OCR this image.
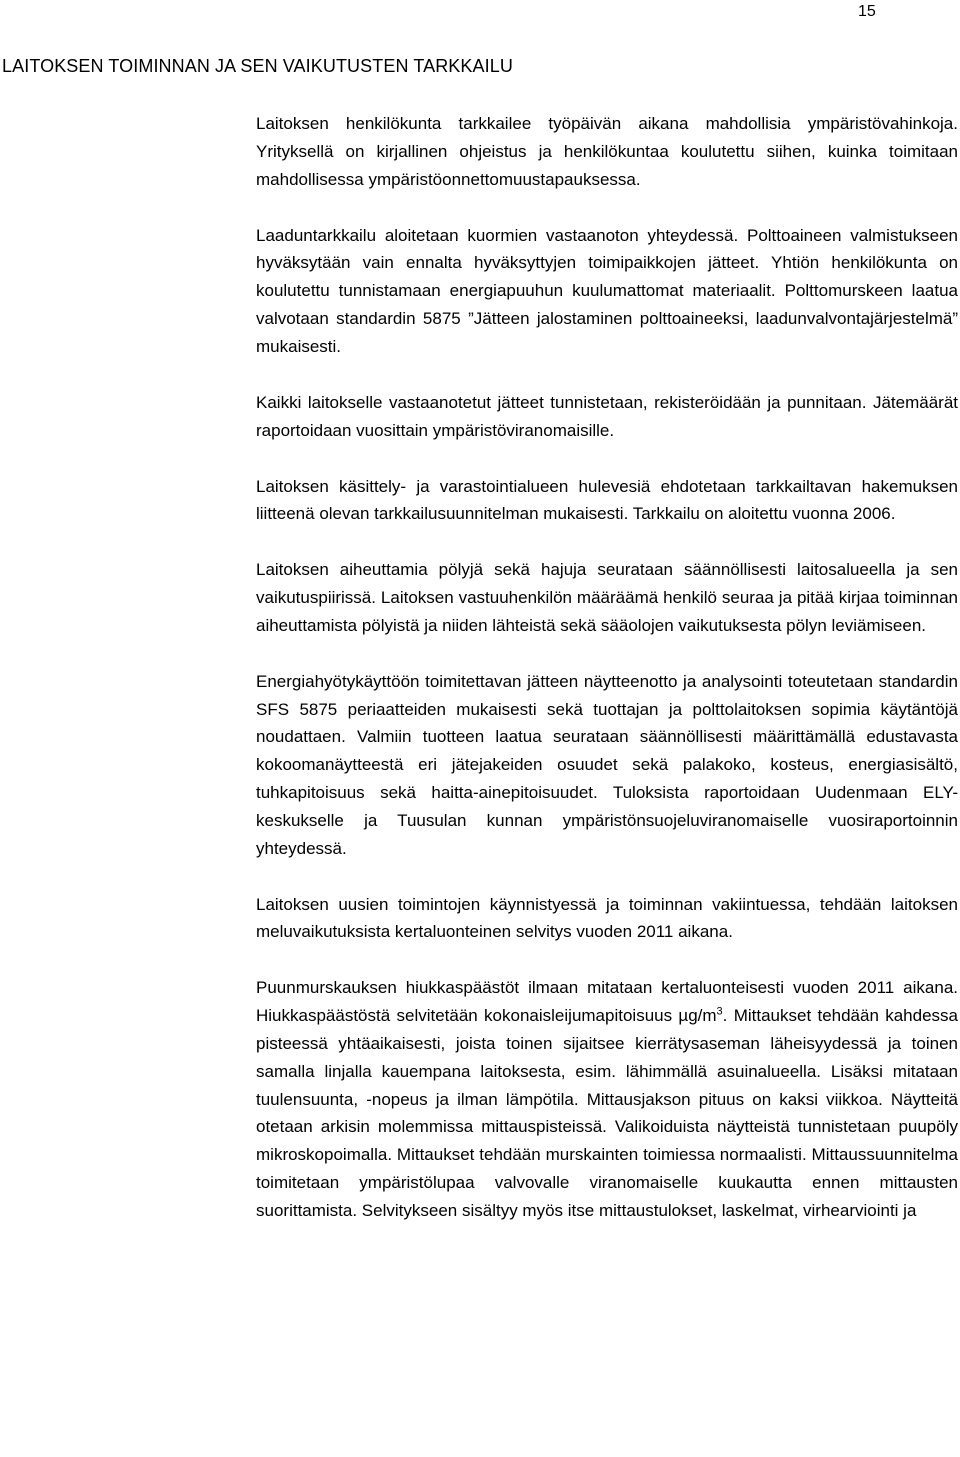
15
LAITOKSEN TOIMINNAN JA SEN VAIKUTUSTEN TARKKAILU

Laitoksen henkilökunta tarkkailee työpäivän aikana mahdollisia ympäristövahinkoja. Yrityksellä on kirjallinen ohjeistus ja henkilökuntaa koulutettu siihen, kuinka toimitaan mahdollisessa ympäristöonnettomuustapauksessa.

Laaduntarkkailu aloitetaan kuormien vastaanoton yhteydessä. Polttoaineen valmistukseen hyväksytään vain ennalta hyväksyttyjen toimipaikkojen jätteet. Yhtiön henkilökunta on koulutettu tunnistamaan energiapuuhun kuulumattomat materiaalit. Polttomurskeen laatua valvotaan standardin 5875 ”Jätteen jalostaminen polttoaineeksi, laadunvalvontajärjestelmä” mukaisesti.

Kaikki laitokselle vastaanotetut jätteet tunnistetaan, rekisteröidään ja punnitaan. Jätemäärät raportoidaan vuosittain ympäristöviranomaisille.

Laitoksen käsittely- ja varastointialueen hulevesiä ehdotetaan tarkkailtavan hakemuksen liitteenä olevan tarkkailusuunnitelman mukaisesti. Tarkkailu on aloitettu vuonna 2006.

Laitoksen aiheuttamia pölyjä sekä hajuja seurataan säännöllisesti laitosalueella ja sen vaikutuspiirissä. Laitoksen vastuuhenkilön määräämä henkilö seuraa ja pitää kirjaa toiminnan aiheuttamista pölyistä ja niiden lähteistä sekä sääolojen vaikutuksesta pölyn leviämiseen.

Energiahyötykäyttöön toimitettavan jätteen näytteenotto ja analysointi toteutetaan standardin SFS 5875 periaatteiden mukaisesti sekä tuottajan ja polttolaitoksen sopimia käytäntöjä noudattaen. Valmiin tuotteen laatua seurataan säännöllisesti määrittämällä edustavasta kokoomanäytteestä eri jätejakeiden osuudet sekä palakoko, kosteus, energiasisältö, tuhkapitoisuus sekä haitta-ainepitoisuudet. Tuloksista raportoidaan Uudenmaan ELY-keskukselle ja Tuusulan kunnan ympäristönsuojeluviranomaiselle vuosiraportoinnin yhteydessä.

Laitoksen uusien toimintojen käynnistyessä ja toiminnan vakiintuessa, tehdään laitoksen meluvaikutuksista kertaluonteinen selvitys vuoden 2011 aikana.

Puunmurskauksen hiukkaspäästöt ilmaan mitataan kertaluonteisesti vuoden 2011 aikana. Hiukkaspäästöstä selvitetään kokonaisleijumapitoisuus $\mu g/m^3$. Mittaukset tehdään kahdessa pisteessä yhtäaikaisesti, joista toinen sijaitsee kierrätysaseman läheisyydessä ja toinen samalla linjalla kauempana laitoksesta, esim. lähimmällä asuinalueella. Lisäksi mitataan tuulensuunta, -nopeus ja ilman lämpötila. Mittausjakson pituus on kaksi viikkoa. Näytteitä otetaan arkisin molemmissa mittauspisteissä. Valikoiduista näytteistä tunnistetaan puupöly mikroskopoimalla. Mittaukset tehdään murskainten toimiessa normaalisti. Mittaussuunnitelma toimitetaan ympäristölupaa valvovalle viranomaiselle kuukautta ennen mittausten suorittamista. Selvitykseen sisältyy myös itse mittaustulokset, laskelmat, virhearviointi ja
